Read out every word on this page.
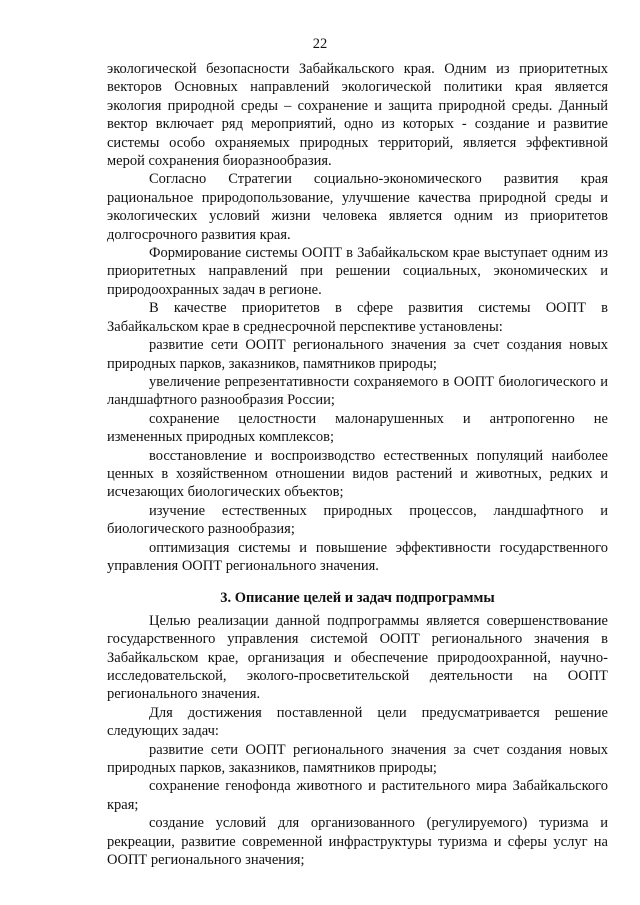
22

экологической безопасности Забайкальского края. Одним из приоритетных векторов Основных направлений экологической политики края является экология природной среды – сохранение и защита природной среды. Данный вектор включает ряд мероприятий, одно из которых - создание и развитие системы особо охраняемых природных территорий, является эффективной мерой сохранения биоразнообразия.

Согласно Стратегии социально-экономического развития края рациональное природопользование, улучшение качества природной среды и экологических условий жизни человека является одним из приоритетов долгосрочного развития края.

Формирование системы ООПТ в Забайкальском крае выступает одним из приоритетных направлений при решении социальных, экономических и природоохранных задач в регионе.

В качестве приоритетов в сфере развития системы ООПТ в Забайкальском крае в среднесрочной перспективе установлены:

развитие сети ООПТ регионального значения за счет создания новых природных парков, заказников, памятников природы;

увеличение репрезентативности сохраняемого в ООПТ биологического и ландшафтного разнообразия России;

сохранение целостности малонарушенных и антропогенно не измененных природных комплексов;

восстановление и воспроизводство естественных популяций наиболее ценных в хозяйственном отношении видов растений и животных, редких и исчезающих биологических объектов;

изучение естественных природных процессов, ландшафтного и биологического разнообразия;

оптимизация системы и повышение эффективности государственного управления ООПТ регионального значения.

3. Описание целей и задач подпрограммы

Целью реализации данной подпрограммы является совершенствование государственного управления системой ООПТ регионального значения в Забайкальском крае, организация и обеспечение природоохранной, научно-исследовательской, эколого-просветительской деятельности на ООПТ регионального значения.

Для достижения поставленной цели предусматривается решение следующих задач:

развитие сети ООПТ регионального значения за счет создания новых природных парков, заказников, памятников природы;

сохранение генофонда животного и растительного мира Забайкальского края;

создание условий для организованного (регулируемого) туризма и рекреации, развитие современной инфраструктуры туризма и сферы услуг на ООПТ регионального значения;
